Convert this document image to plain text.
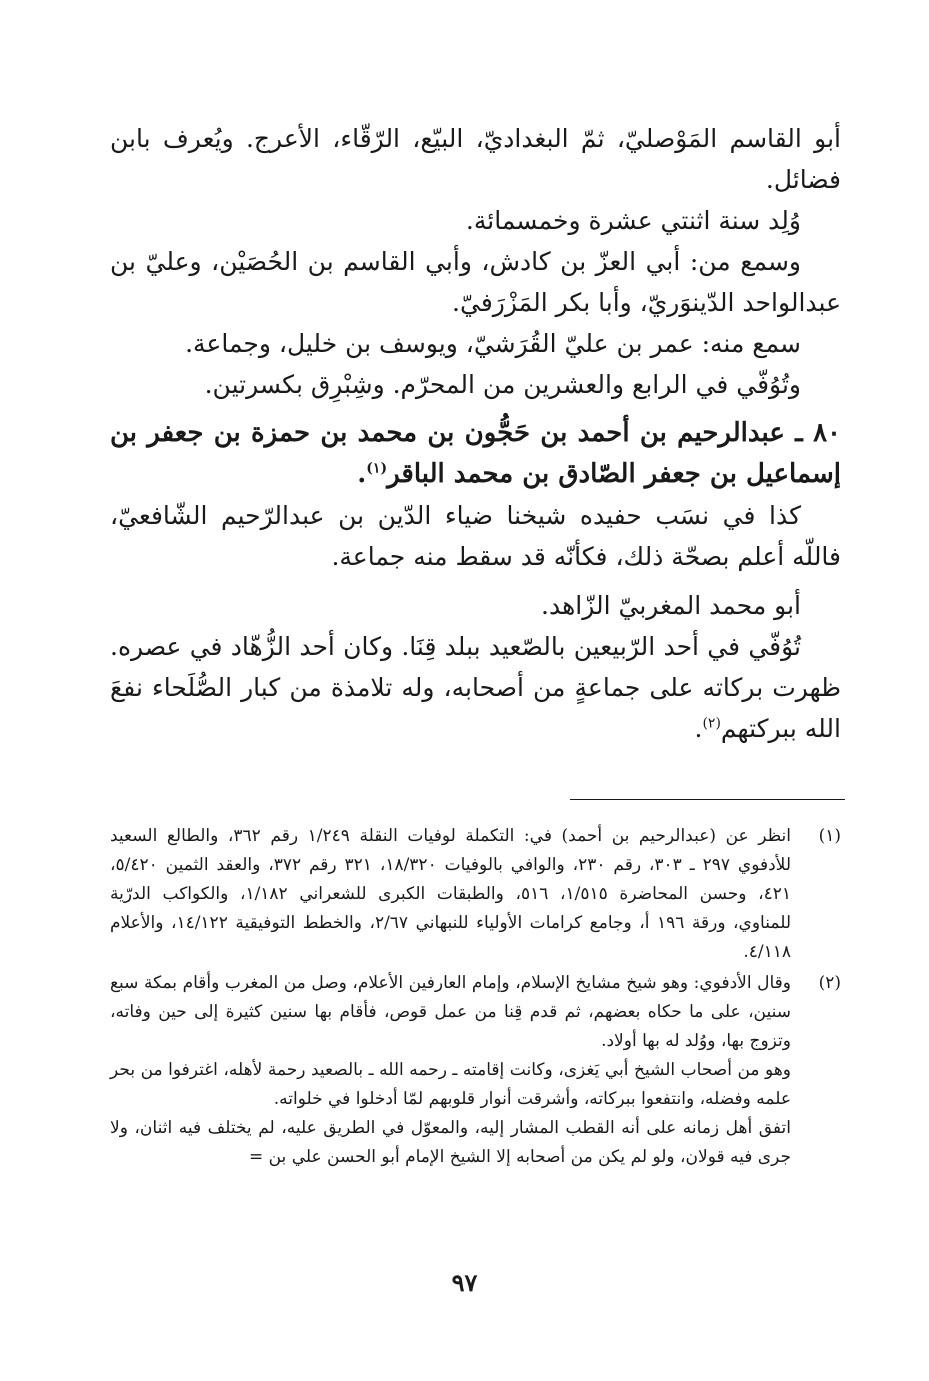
أبو القاسم المَوْصليّ، ثمّ البغداديّ، البيّع، الرّقّاء، الأعرج. ويُعرف بابن فضائل.

وُلِد سنة اثنتي عشرة وخمسمائة.

وسمع من: أبي العزّ بن كادش، وأبي القاسم بن الحُصَيْن، وعليّ بن عبدالواحد الدّينوَريّ، وأبا بكر المَزْرَفيّ.

سمع منه: عمر بن عليّ القُرَشيّ، ويوسف بن خليل، وجماعة.

وتُوُفّي في الرابع والعشرين من المحرّم. وشِبْرِق بكسرتين.

٨٠ ـ عبدالرحيم بن أحمد بن حَجُّون بن محمد بن حمزة بن جعفر بن إسماعيل بن جعفر الصّادق بن محمد الباقر$^{(١)}$.

كذا في نسَب حفيده شيخنا ضياء الدّين بن عبدالرّحيم الشّافعيّ، فاللّه أعلم بصحّة ذلك، فكأنّه قد سقط منه جماعة.

أبو محمد المغربيّ الزّاهد.

تُوُفّي في أحد الرّبيعين بالصّعيد ببلد قِنَا. وكان أحد الزُّهّاد في عصره. ظهرت بركاته على جماعةٍ من أصحابه، وله تلامذة من كبار الصُّلَحاء نفعَ الله ببركتهم$^{(٢)}$.

(١)

انظر عن (عبدالرحيم بن أحمد) في: التكملة لوفيات النقلة ١/٢٤٩ رقم ٣٦٢، والطالع السعيد للأدفوي ٢٩٧ ـ ٣٠٣، رقم ٢٣٠، والوافي بالوفيات ١٨/٣٢٠، ٣٢١ رقم ٣٧٢، والعقد الثمين ٥/٤٢٠، ٤٢١، وحسن المحاضرة ١/٥١٥، ٥١٦، والطبقات الكبرى للشعراني ١/١٨٢، والكواكب الدرّية للمناوي، ورقة ١٩٦ أ، وجامع كرامات الأولياء للنبهاني ٢/٦٧، والخطط التوفيقية ١٤/١٢٢، والأعلام ٤/١١٨.

(٢)

وقال الأدفوي: وهو شيخ مشايخ الإسلام، وإمام العارفين الأعلام، وصل من المغرب وأقام بمكة سبع سنين، على ما حكاه بعضهم، ثم قدم قِنا من عمل قوص، فأقام بها سنين كثيرة إلى حين وفاته، وتزوج بها، ووُلد له بها أولاد.

وهو من أصحاب الشيخ أبي يَغزى، وكانت إقامته ـ رحمه الله ـ بالصعيد رحمة لأهله، اغترفوا من بحر علمه وفضله، وانتفعوا ببركاته، وأشرقت أنوار قلوبهم لمّا أدخلوا في خلواته.

اتفق أهل زمانه على أنه القطب المشار إليه، والمعوّل في الطريق عليه، لم يختلف فيه اثنان، ولا جرى فيه قولان، ولو لم يكن من أصحابه إلا الشيخ الإمام أبو الحسن علي بن =

٩٧
